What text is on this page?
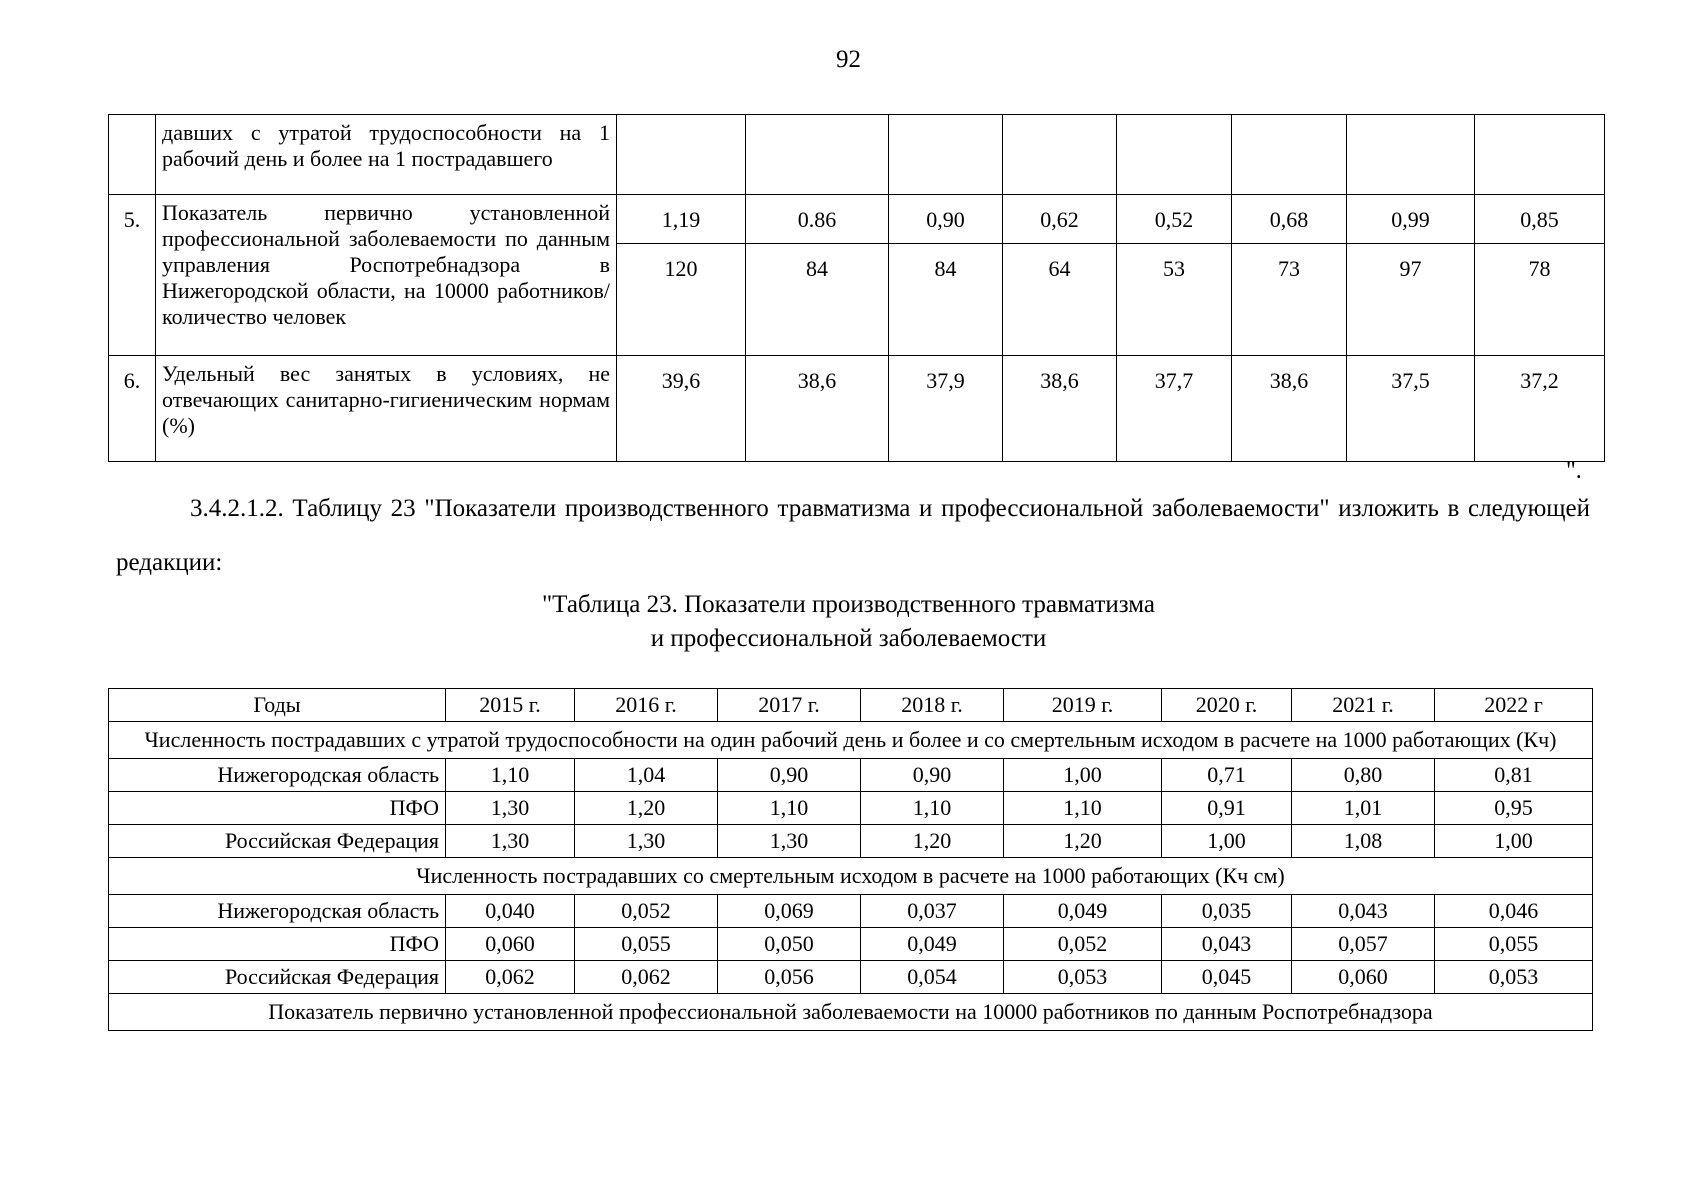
92
	давших с утратой трудоспособности на 1 рабочий день и более на 1 пострадавшего								
5.	Показатель первично установленной профессиональной заболеваемости по данным управления Роспотребнадзора в Нижегородской области, на 10000 работников/количество человек	1,19	0.86	0,90	0,62	0,52	0,68	0,99	0,85
		120	84	84	64	53	73	97	78
6.	Удельный вес занятых в условиях, не отвечающих санитарно-гигиеническим нормам (%)	39,6	38,6	37,9	38,6	37,7	38,6	37,5	37,2
".
3.4.2.1.2. Таблицу 23 "Показатели производственного травматизма и профессиональной заболеваемости" изложить в следующей редакции:
"Таблица 23. Показатели производственного травматизма
и профессиональной заболеваемости
Годы	2015 г.	2016 г.	2017 г.	2018 г.	2019 г.	2020 г.	2021 г.	2022 г
Численность пострадавших с утратой трудоспособности на один рабочий день и более и со смертельным исходом в расчете на 1000 работающих (Кч)								
Нижегородская область	1,10	1,04	0,90	0,90	1,00	0,71	0,80	0,81
ПФО	1,30	1,20	1,10	1,10	1,10	0,91	1,01	0,95
Российская Федерация	1,30	1,30	1,30	1,20	1,20	1,00	1,08	1,00
Численность пострадавших со смертельным исходом в расчете на 1000 работающих (Кч см)								
Нижегородская область	0,040	0,052	0,069	0,037	0,049	0,035	0,043	0,046
ПФО	0,060	0,055	0,050	0,049	0,052	0,043	0,057	0,055
Российская Федерация	0,062	0,062	0,056	0,054	0,053	0,045	0,060	0,053
Показатель первично установленной профессиональной заболеваемости на 10000 работников по данным Роспотребнадзора								
